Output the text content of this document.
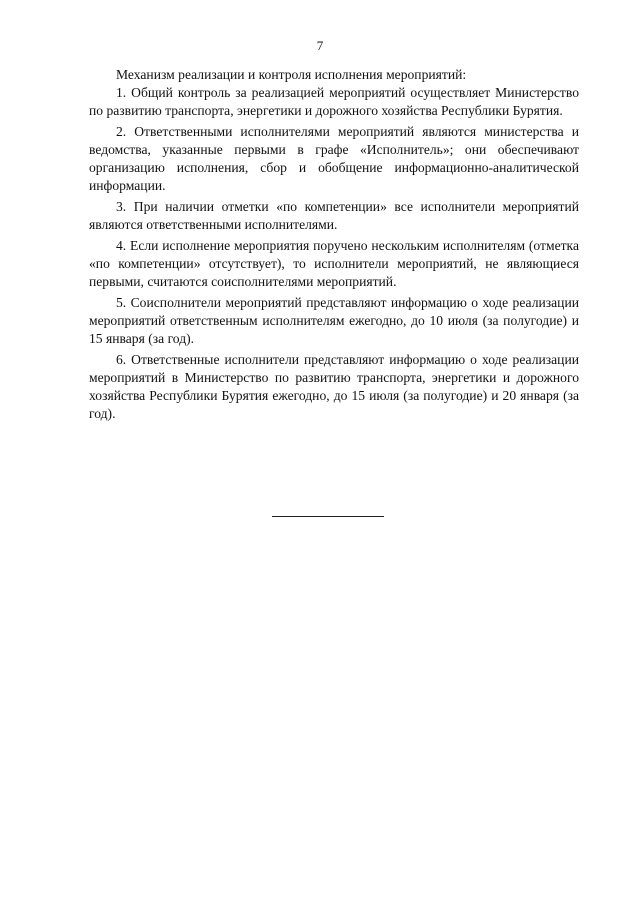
7

Механизм реализации и контроля исполнения мероприятий:

1. Общий контроль за реализацией мероприятий осуществляет Министерство по развитию транспорта, энергетики и дорожного хозяйства Республики Бурятия.

2. Ответственными исполнителями мероприятий являются министерства и ведомства, указанные первыми в графе «Исполнитель»; они обеспечивают организацию исполнения, сбор и обобщение информационно-аналитической информации.

3. При наличии отметки «по компетенции» все исполнители мероприятий являются ответственными исполнителями.

4. Если исполнение мероприятия поручено нескольким исполнителям (отметка «по компетенции» отсутствует), то исполнители мероприятий, не являющиеся первыми, считаются соисполнителями мероприятий.

5. Соисполнители мероприятий представляют информацию о ходе реализации мероприятий ответственным исполнителям ежегодно, до 10 июля (за полугодие) и 15 января (за год).

6. Ответственные исполнители представляют информацию о ходе реализации мероприятий в Министерство по развитию транспорта, энергетики и дорожного хозяйства Республики Бурятия ежегодно, до 15 июля (за полугодие) и 20 января (за год).
